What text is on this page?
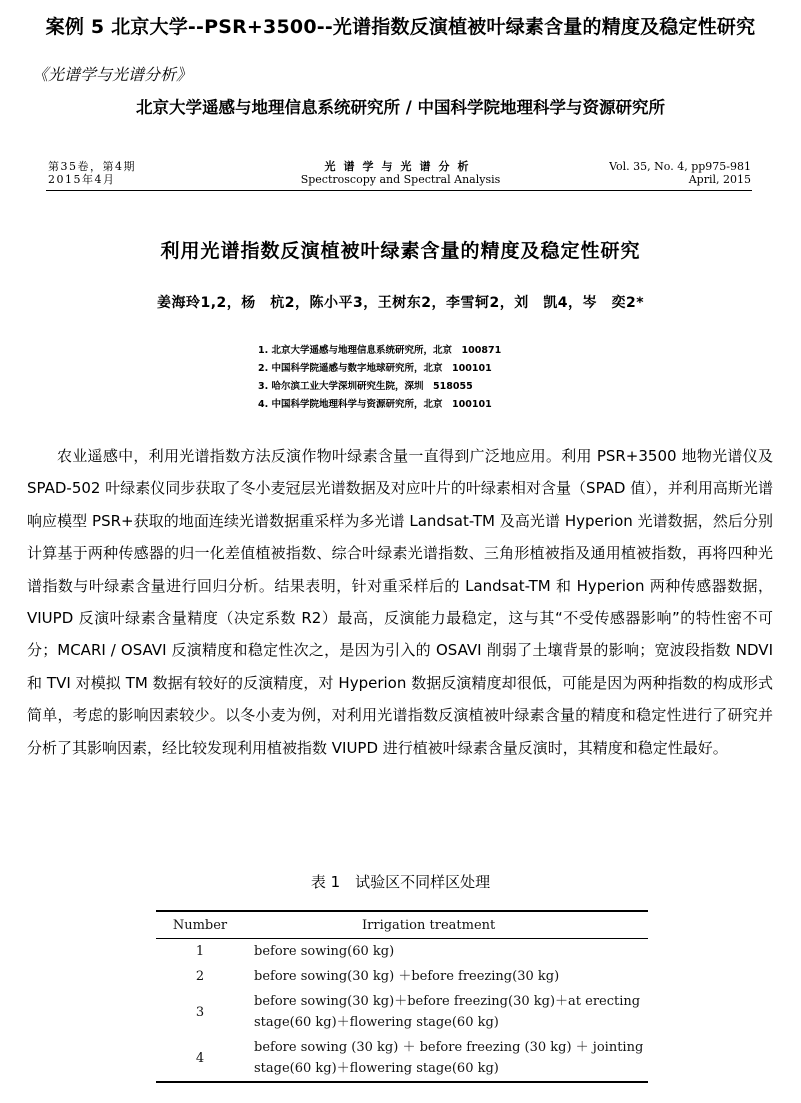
案例 5 北京大学--PSR+3500--光谱指数反演植被叶绿素含量的精度及稳定性研究
《光谱学与光谱分析》
北京大学遥感与地理信息系统研究所 / 中国科学院地理科学与资源研究所
第35卷，第4期
2015年4月
光谱学与光谱分析
Spectroscopy and Spectral Analysis
Vol. 35, No. 4, pp975-981
April, 2015
利用光谱指数反演植被叶绿素含量的精度及稳定性研究
姜海玲1,2，杨　杭2，陈小平3，王树东2，李雪轲2，刘　凯4，岑　奕2*
1. 北京大学遥感与地理信息系统研究所，北京　100871
2. 中国科学院遥感与数字地球研究所，北京　100101
3. 哈尔滨工业大学深圳研究生院，深圳　518055
4. 中国科学院地理科学与资源研究所，北京　100101
农业遥感中，利用光谱指数方法反演作物叶绿素含量一直得到广泛地应用。利用 PSR+3500 地物光谱仪及 SPAD-502 叶绿素仪同步获取了冬小麦冠层光谱数据及对应叶片的叶绿素相对含量（SPAD 值），并利用高斯光谱响应模型 PSR+获取的地面连续光谱数据重采样为多光谱 Landsat-TM 及高光谱 Hyperion 光谱数据，然后分别计算基于两种传感器的归一化差值植被指数、综合叶绿素光谱指数、三角形植被指及通用植被指数，再将四种光谱指数与叶绿素含量进行回归分析。结果表明，针对重采样后的 Landsat-TM 和 Hyperion 两种传感器数据，VIUPD 反演叶绿素含量精度（决定系数 R2）最高，反演能力最稳定，这与其“不受传感器影响”的特性密不可分；MCARI / OSAVI 反演精度和稳定性次之，是因为引入的 OSAVI 削弱了土壤背景的影响；宽波段指数 NDVI 和 TVI 对模拟 TM 数据有较好的反演精度，对 Hyperion 数据反演精度却很低，可能是因为两种指数的构成形式简单，考虑的影响因素较少。以冬小麦为例，对利用光谱指数反演植被叶绿素含量的精度和稳定性进行了研究并分析了其影响因素，经比较发现利用植被指数 VIUPD 进行植被叶绿素含量反演时，其精度和稳定性最好。
表 1　试验区不同样区处理
Number	Irrigation treatment
1	before sowing(60 kg)
2	before sowing(30 kg) ＋before freezing(30 kg)
3	before sowing(30 kg)＋before freezing(30 kg)＋at erecting stage(60 kg)＋flowering stage(60 kg)
4	before sowing (30 kg) ＋ before freezing (30 kg) ＋ jointing stage(60 kg)＋flowering stage(60 kg)
